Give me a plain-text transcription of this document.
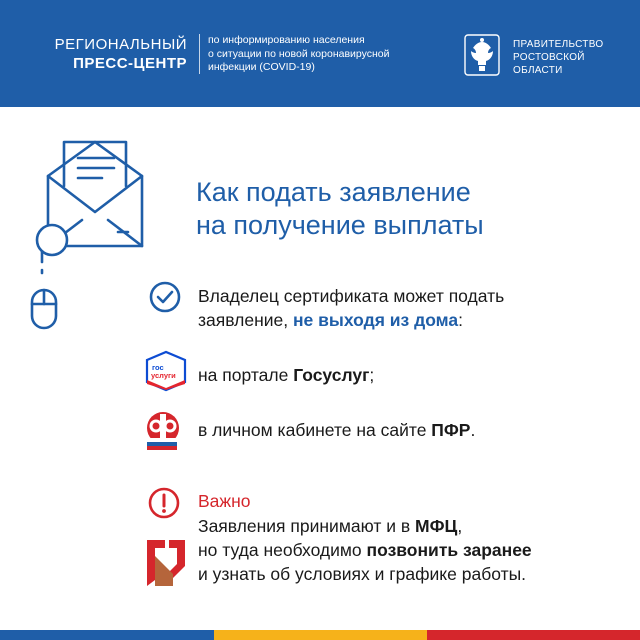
РЕГИОНАЛЬНЫЙ
ПРЕСС-ЦЕНТР
по информированию населения
о ситуации по новой коронавирусной
инфекции (COVID-19)
ПРАВИТЕЛЬСТВО
РОСТОВСКОЙ
ОБЛАСТИ
Как подать заявление
на получение выплаты
Владелец сертификата может подать
заявление, не выходя из дома:
гос
услуги на портале Госуслуг;
в личном кабинете на сайте ПФР.
Важно
Заявления принимают и в МФЦ,
но туда необходимо позвонить заранее
и узнать об условиях и графике работы.
